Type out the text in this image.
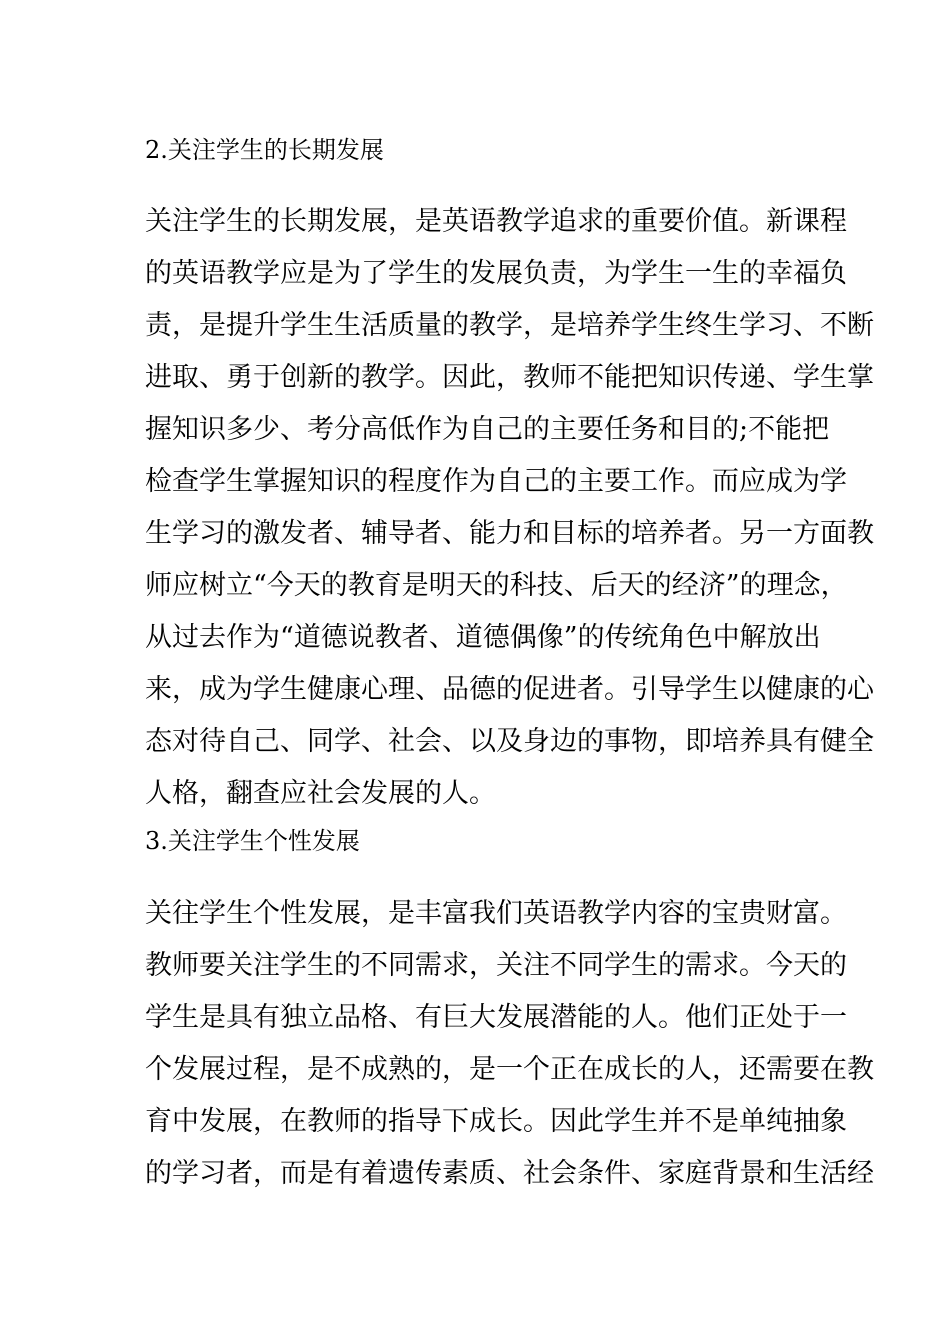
2.关注学生的长期发展
关注学生的长期发展，是英语教学追求的重要价值。新课程
的英语教学应是为了学生的发展负责，为学生一生的幸福负
责，是提升学生生活质量的教学，是培养学生终生学习、不断
进取、勇于创新的教学。因此，教师不能把知识传递、学生掌
握知识多少、考分高低作为自己的主要任务和目的;不能把
检查学生掌握知识的程度作为自己的主要工作。而应成为学
生学习的激发者、辅导者、能力和目标的培养者。另一方面教
师应树立“今天的教育是明天的科技、后天的经济”的理念，
从过去作为“道德说教者、道德偶像”的传统角色中解放出
来，成为学生健康心理、品德的促进者。引导学生以健康的心
态对待自己、同学、社会、以及身边的事物，即培养具有健全
人格，翻查应社会发展的人。
3.关注学生个性发展
关往学生个性发展，是丰富我们英语教学内容的宝贵财富。
教师要关注学生的不同需求，关注不同学生的需求。今天的
学生是具有独立品格、有巨大发展潜能的人。他们正处于一
个发展过程，是不成熟的，是一个正在成长的人，还需要在教
育中发展，在教师的指导下成长。因此学生并不是单纯抽象
的学习者，而是有着遗传素质、社会条件、家庭背景和生活经
